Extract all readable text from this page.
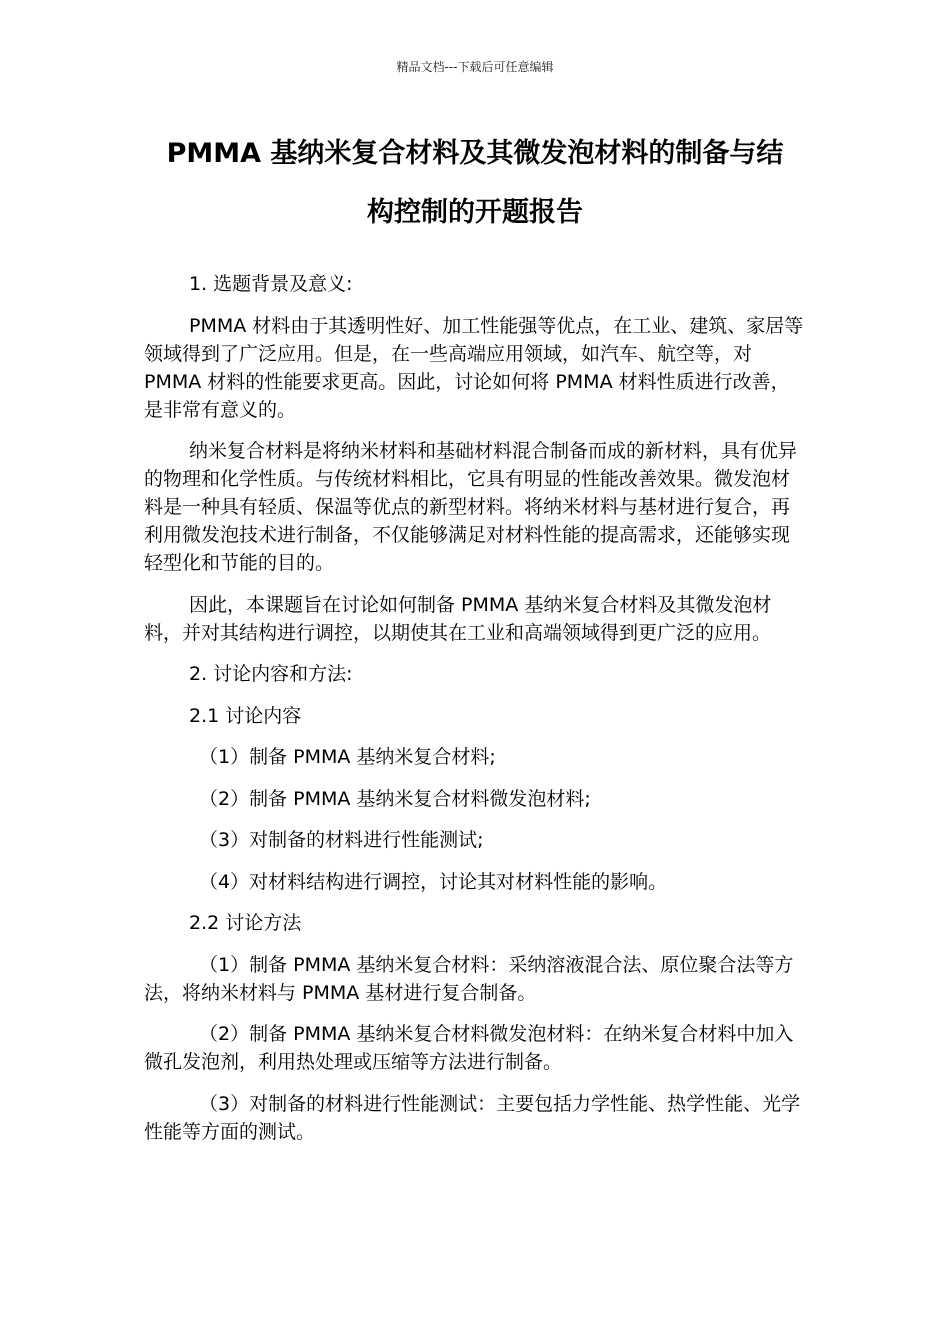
精品文档---下载后可任意编辑
PMMA 基纳米复合材料及其微发泡材料的制备与结
构控制的开题报告

1. 选题背景及意义:

PMMA 材料由于其透明性好、加工性能强等优点，在工业、建筑、家居等领域得到了广泛应用。但是，在一些高端应用领域，如汽车、航空等，对 PMMA 材料的性能要求更高。因此，讨论如何将 PMMA 材料性质进行改善，是非常有意义的。

纳米复合材料是将纳米材料和基础材料混合制备而成的新材料，具有优异的物理和化学性质。与传统材料相比，它具有明显的性能改善效果。微发泡材料是一种具有轻质、保温等优点的新型材料。将纳米材料与基材进行复合，再利用微发泡技术进行制备，不仅能够满足对材料性能的提高需求，还能够实现轻型化和节能的目的。

因此，本课题旨在讨论如何制备 PMMA 基纳米复合材料及其微发泡材料，并对其结构进行调控，以期使其在工业和高端领域得到更广泛的应用。

2. 讨论内容和方法:

2.1 讨论内容

（1）制备 PMMA 基纳米复合材料;

（2）制备 PMMA 基纳米复合材料微发泡材料;

（3）对制备的材料进行性能测试;

（4）对材料结构进行调控，讨论其对材料性能的影响。

2.2 讨论方法

（1）制备 PMMA 基纳米复合材料：采纳溶液混合法、原位聚合法等方法，将纳米材料与 PMMA 基材进行复合制备。

（2）制备 PMMA 基纳米复合材料微发泡材料：在纳米复合材料中加入微孔发泡剂，利用热处理或压缩等方法进行制备。

（3）对制备的材料进行性能测试：主要包括力学性能、热学性能、光学性能等方面的测试。
